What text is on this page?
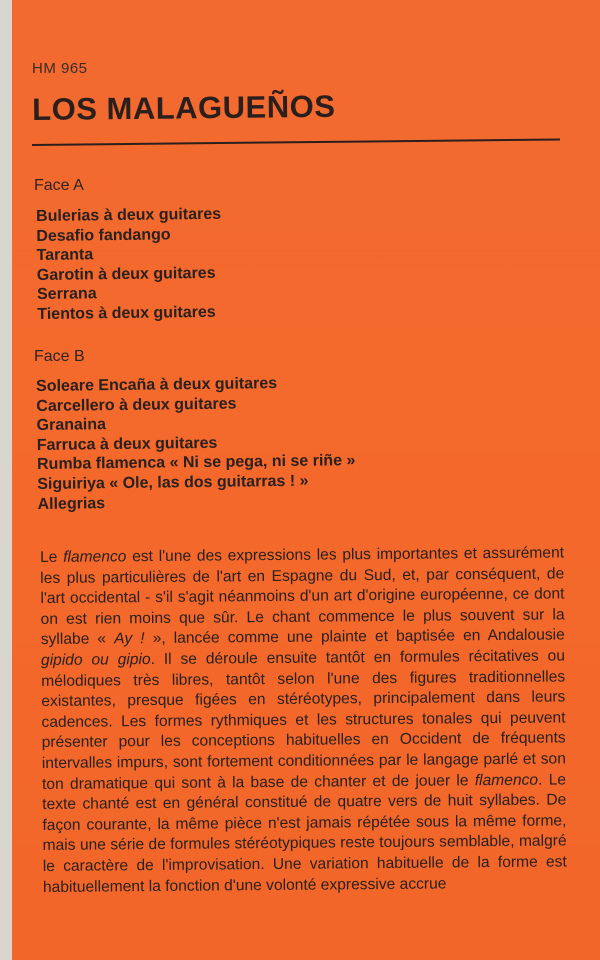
HM 965
LOS MALAGUEÑOS
Face A
Bulerias à deux guitares
Desafio fandango
Taranta
Garotin à deux guitares
Serrana
Tientos à deux guitares
Face B
Soleare Encaña à deux guitares
Carcellero à deux guitares
Granaina
Farruca à deux guitares
Rumba flamenca « Ni se pega, ni se riñe »
Siguiriya « Ole, las dos guitarras ! »
Allegrias

Le flamenco est l'une des expressions les plus importantes et assurément les plus particulières de l'art en Espagne du Sud, et, par conséquent, de l'art occidental - s'il s'agit néanmoins d'un art d'origine européenne, ce dont on est rien moins que sûr. Le chant commence le plus souvent sur la syllabe « Ay ! », lancée comme une plainte et baptisée en Andalousie gipido ou gipio. Il se déroule ensuite tantôt en formules récitatives ou mélodiques très libres, tantôt selon l'une des figures traditionnelles existantes, presque figées en stéréotypes, principalement dans leurs cadences. Les formes rythmiques et les structures tonales qui peuvent présenter pour les conceptions habituelles en Occident de fréquents intervalles impurs, sont fortement conditionnées par le langage parlé et son ton dramatique qui sont à la base de chanter et de jouer le flamenco. Le texte chanté est en général constitué de quatre vers de huit syllabes. De façon courante, la même pièce n'est jamais répétée sous la même forme, mais une série de formules stéréotypiques reste toujours semblable, malgré le caractère de l'improvisation. Une variation habituelle de la forme est habituellement la fonction d'une volonté expressive accrue
